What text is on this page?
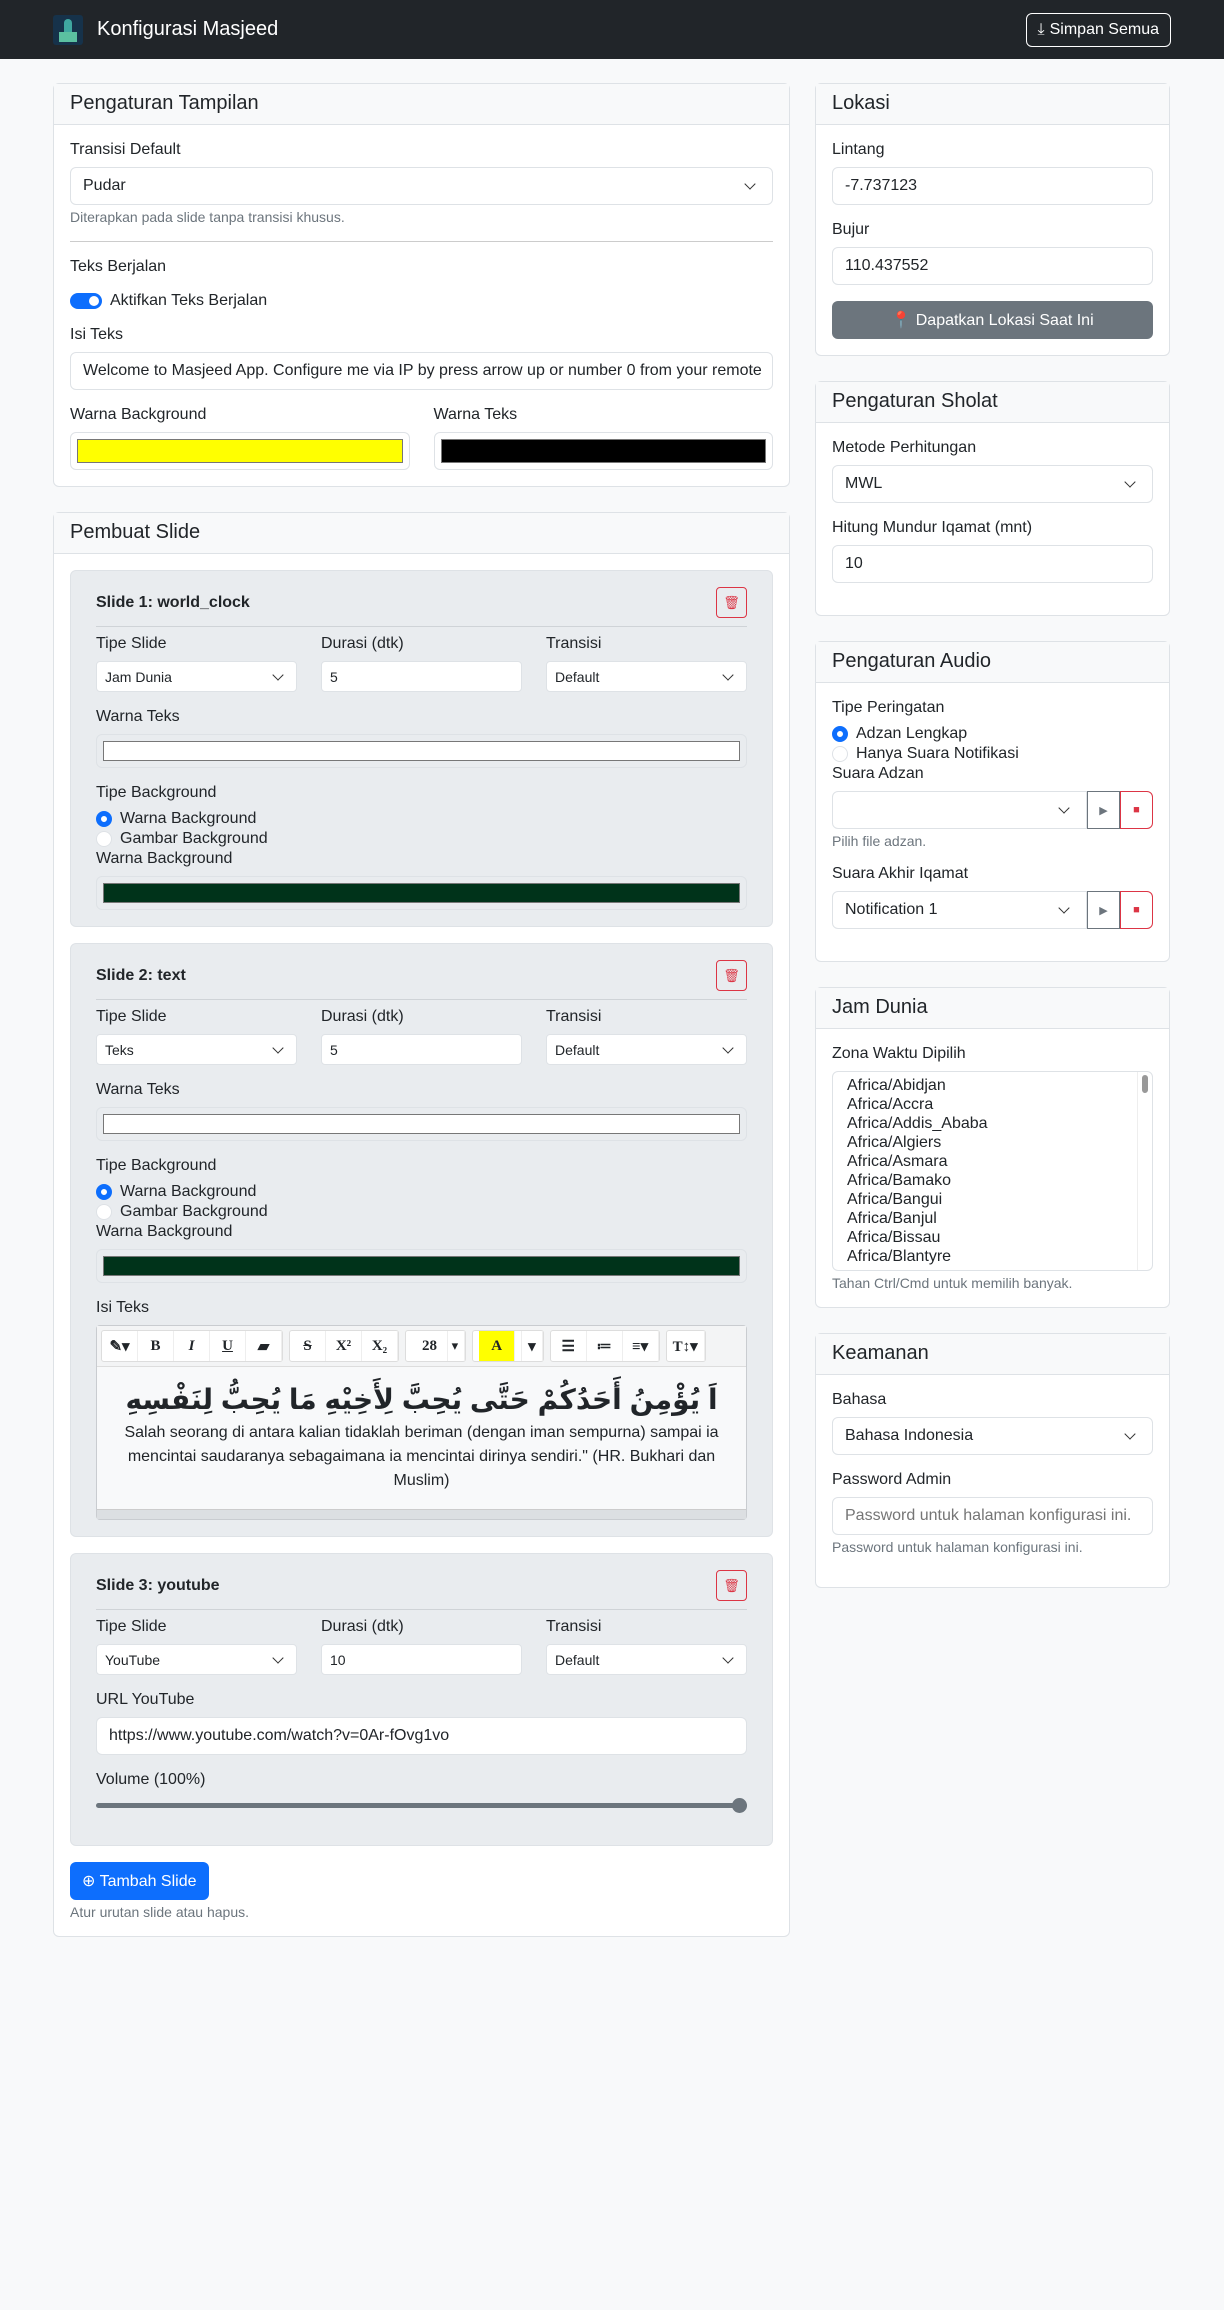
Konfigurasi Masjeed	⤓ Simpan Semua
Pengaturan Tampilan
Transisi Default
Pudar
Diterapkan pada slide tanpa transisi khusus.
Teks Berjalan
Aktifkan Teks Berjalan
Isi Teks
Welcome to Masjeed App. Configure me via IP by press arrow up or number 0 from your remote
Warna Background	Warna Teks
Pembuat Slide
Slide 1: world_clock	🗑
Tipe Slide
Jam Dunia
Durasi (dtk)
5
Transisi
Default
Warna Teks
Tipe Background
Warna Background
Gambar Background
Warna Background
Slide 2: text	🗑
Tipe Slide
Teks
Durasi (dtk)
5
Transisi
Default
Warna Teks
Tipe Background
Warna Background
Gambar Background
Warna Background
Isi Teks
✎▾	B	I U	▰	S	X²	X₂	28 ▾	A	▾	☰	≔	≡▾	T↕▾
اَ يُؤْمِنُ أَحَدُكُمْ حَتَّى يُحِبَّ لِأَخِيْهِ مَا يُحِبُّ لِنَفْسِهِ
Salah seorang di antara kalian tidaklah beriman (dengan iman sempurna) sampai ia mencintai saudaranya sebagaimana ia mencintai dirinya sendiri." (HR. Bukhari dan Muslim)
Slide 3: youtube	🗑
Tipe Slide
YouTube
Durasi (dtk)
10
Transisi
Default
URL YouTube
https://www.youtube.com/watch?v=0Ar-fOvg1vo
Volume (100%)
⊕ Tambah Slide
Atur urutan slide atau hapus.
Lokasi
Lintang
-7.737123
Bujur
110.437552
📍 Dapatkan Lokasi Saat Ini
Pengaturan Sholat
Metode Perhitungan
MWL
Hitung Mundur Iqamat (mnt)
10
Pengaturan Audio
Tipe Peringatan
Adzan Lengkap
Hanya Suara Notifikasi
Suara Adzan
▶	■
Pilih file adzan.
Suara Akhir Iqamat
Notification 1	▶	■
Jam Dunia
Zona Waktu Dipilih
Africa/Abidjan
Africa/Accra
Africa/Addis_Ababa
Africa/Algiers
Africa/Asmara
Africa/Bamako
Africa/Bangui
Africa/Banjul
Africa/Bissau
Africa/Blantyre
Tahan Ctrl/Cmd untuk memilih banyak.
Keamanan
Bahasa
Bahasa Indonesia
Password Admin
Password untuk halaman konfigurasi ini.
